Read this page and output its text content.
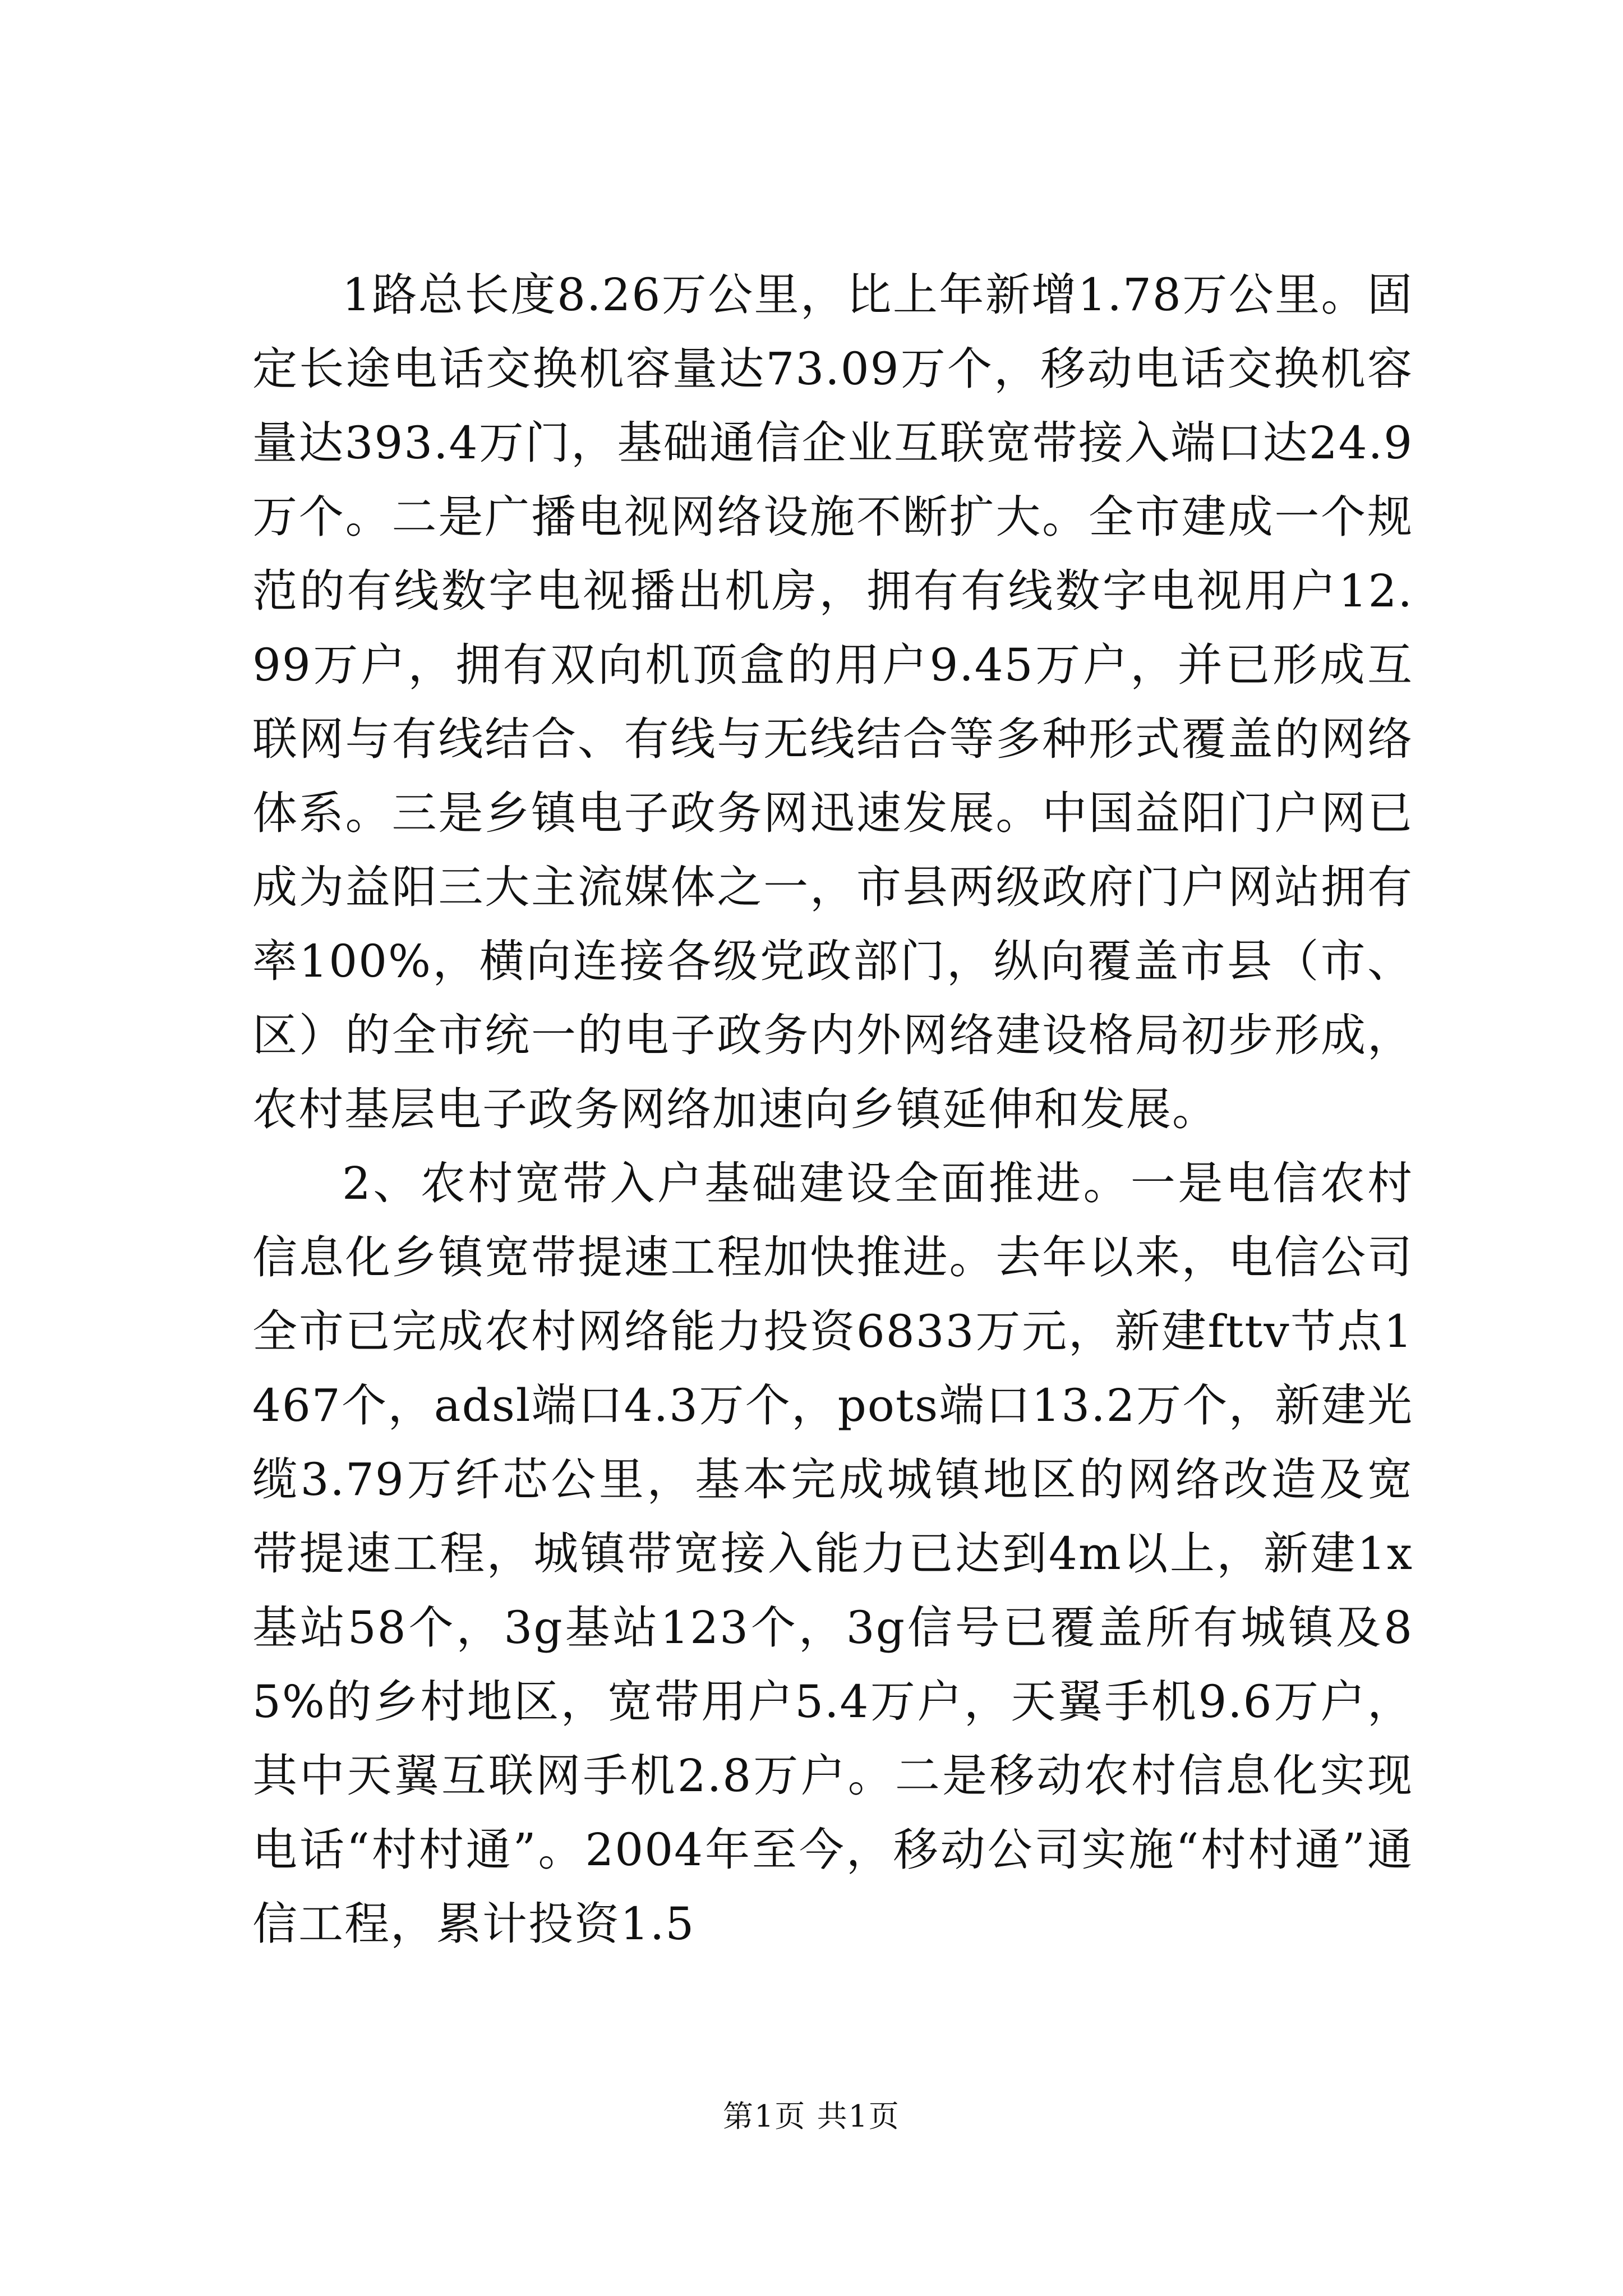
1路总长度8.26万公里，比上年新增1.78万公里。固定长途电话交换机容量达73.09万个，移动电话交换机容量达393.4万门，基础通信企业互联宽带接入端口达24.9万个。二是广播电视网络设施不断扩大。全市建成一个规范的有线数字电视播出机房，拥有有线数字电视用户12.99万户，拥有双向机顶盒的用户9.45万户，并已形成互联网与有线结合、有线与无线结合等多种形式覆盖的网络体系。三是乡镇电子政务网迅速发展。中国益阳门户网已成为益阳三大主流媒体之一，市县两级政府门户网站拥有率100%，横向连接各级党政部门，纵向覆盖市县（市、区）的全市统一的电子政务内外网络建设格局初步形成，农村基层电子政务网络加速向乡镇延伸和发展。

2、农村宽带入户基础建设全面推进。一是电信农村信息化乡镇宽带提速工程加快推进。去年以来，电信公司全市已完成农村网络能力投资6833万元，新建fttv节点1467个，adsl端口4.3万个，pots端口13.2万个，新建光缆3.79万纤芯公里，基本完成城镇地区的网络改造及宽带提速工程，城镇带宽接入能力已达到4m以上，新建1x基站58个，3g基站123个，3g信号已覆盖所有城镇及85%的乡村地区，宽带用户5.4万户，天翼手机9.6万户，其中天翼互联网手机2.8万户。二是移动农村信息化实现电话“村村通”。2004年至今，移动公司实施“村村通”通信工程，累计投资1.5

第1页 共1页
